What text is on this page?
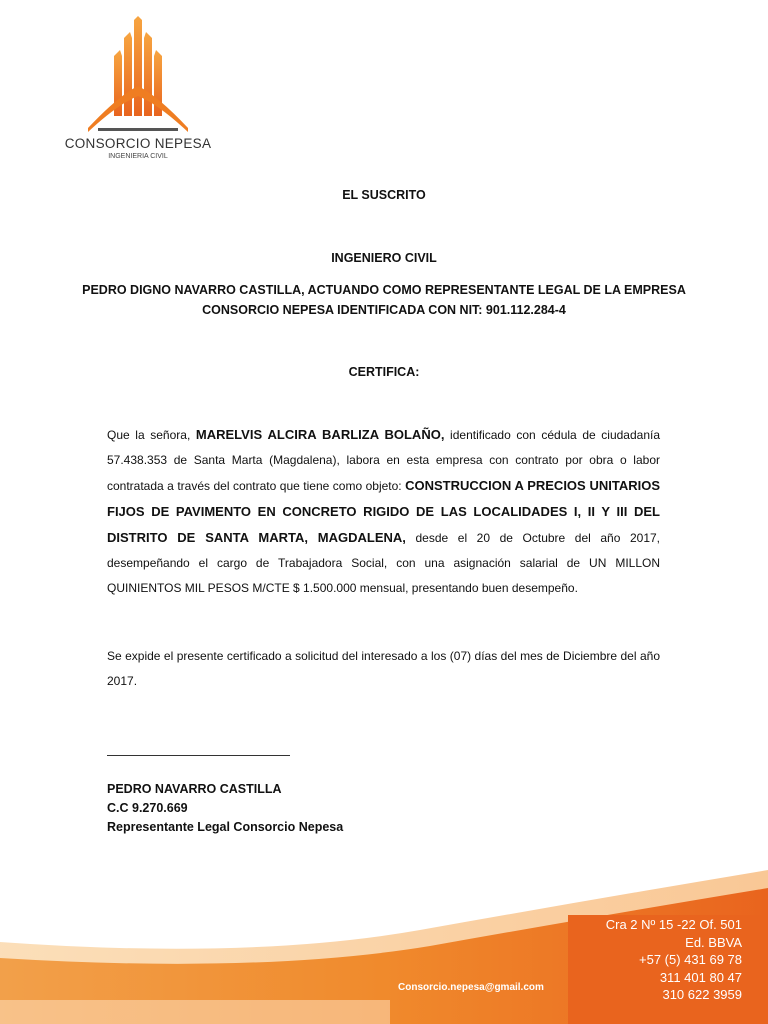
CONSORCIO NEPESA
INGENIERIA CIVIL
EL SUSCRITO
INGENIERO CIVIL
PEDRO DIGNO NAVARRO CASTILLA, ACTUANDO COMO REPRESENTANTE LEGAL DE LA EMPRESA
CONSORCIO NEPESA IDENTIFICADA CON NIT: 901.112.284-4
CERTIFICA:
Que la señora, MARELVIS ALCIRA BARLIZA BOLAÑO, identificado con cédula de ciudadanía 57.438.353 de Santa Marta (Magdalena), labora en esta empresa con contrato por obra o labor contratada a través del contrato que tiene como objeto: CONSTRUCCION A PRECIOS UNITARIOS FIJOS DE PAVIMENTO EN CONCRETO RIGIDO DE LAS LOCALIDADES I, II Y III DEL DISTRITO DE SANTA MARTA, MAGDALENA, desde el 20 de Octubre del año 2017, desempeñando el cargo de Trabajadora Social, con una asignación salarial de UN MILLON QUINIENTOS MIL PESOS M/CTE $ 1.500.000 mensual, presentando buen desempeño.
Se expide el presente certificado a solicitud del interesado a los (07) días del mes de Diciembre del año 2017.
PEDRO NAVARRO CASTILLA
C.C 9.270.669
Representante Legal Consorcio Nepesa
Consorcio.nepesa@gmail.com
Cra 2 Nº 15 -22 Of. 501
Ed. BBVA
+57 (5) 431 69 78
311 401 80 47
310 622 3959
